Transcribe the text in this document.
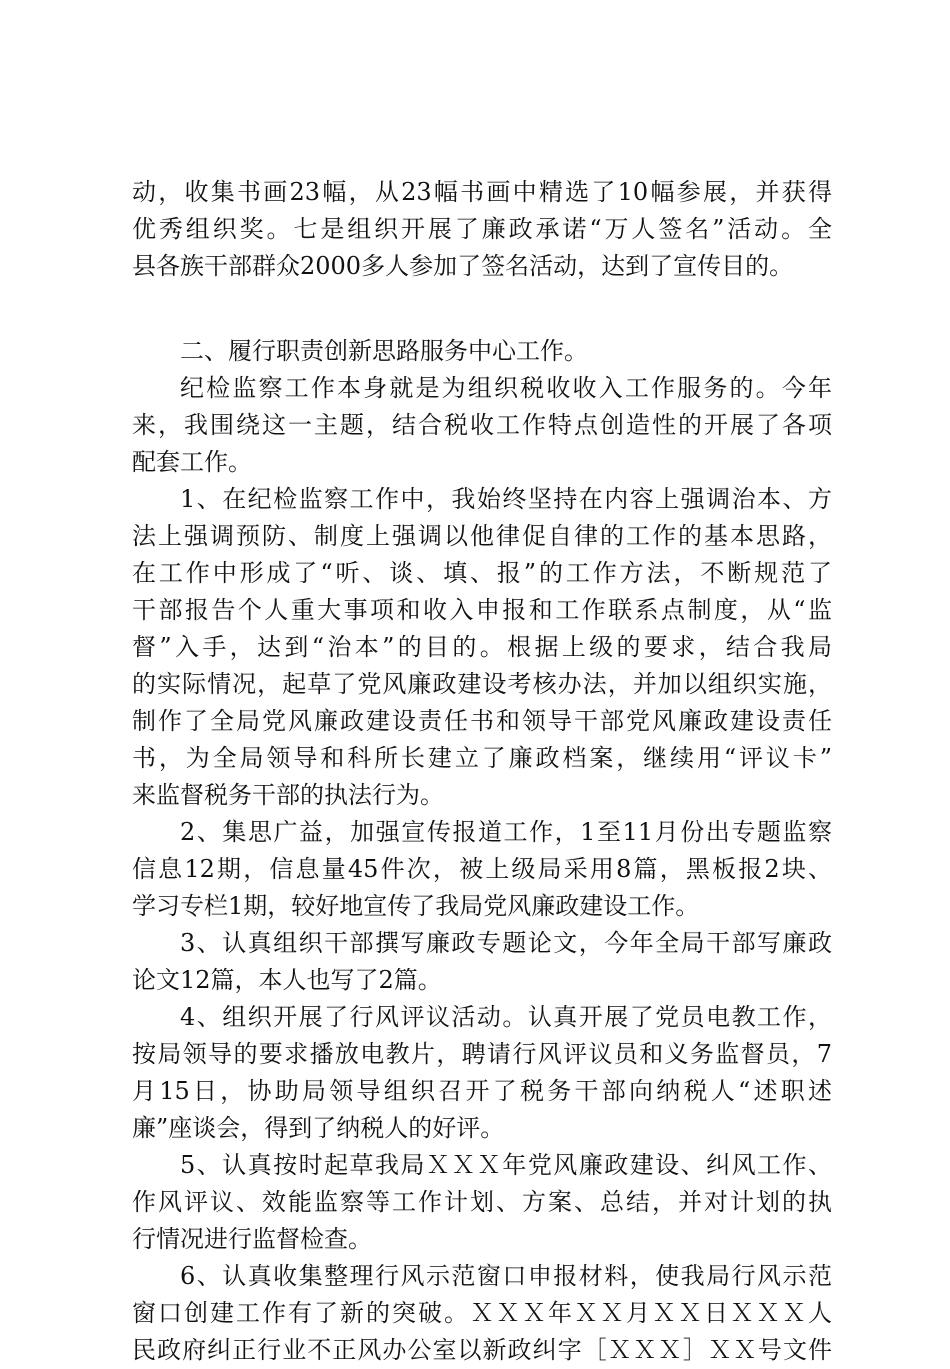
动，收集书画23幅，从23幅书画中精选了10幅参展，并获得
优秀组织奖。七是组织开展了廉政承诺“万人签名”活动。全
县各族干部群众2000多人参加了签名活动，达到了宣传目的。
二、履行职责创新思路服务中心工作。
纪检监察工作本身就是为组织税收收入工作服务的。今年
来，我围绕这一主题，结合税收工作特点创造性的开展了各项
配套工作。
1、在纪检监察工作中，我始终坚持在内容上强调治本、方
法上强调预防、制度上强调以他律促自律的工作的基本思路，
在工作中形成了“听、谈、填、报”的工作方法，不断规范了
干部报告个人重大事项和收入申报和工作联系点制度，从“监
督”入手，达到“治本”的目的。根据上级的要求，结合我局
的实际情况，起草了党风廉政建设考核办法，并加以组织实施，
制作了全局党风廉政建设责任书和领导干部党风廉政建设责任
书，为全局领导和科所长建立了廉政档案，继续用“评议卡”
来监督税务干部的执法行为。
2、集思广益，加强宣传报道工作，1至11月份出专题监察
信息12期，信息量45件次，被上级局采用8篇，黑板报2块、
学习专栏1期，较好地宣传了我局党风廉政建设工作。
3、认真组织干部撰写廉政专题论文，今年全局干部写廉政
论文12篇，本人也写了2篇。
4、组织开展了行风评议活动。认真开展了党员电教工作，
按局领导的要求播放电教片，聘请行风评议员和义务监督员，7
月15日，协助局领导组织召开了税务干部向纳税人“述职述
廉”座谈会，得到了纳税人的好评。
5、认真按时起草我局ＸＸＸ年党风廉政建设、纠风工作、
作风评议、效能监察等工作计划、方案、总结，并对计划的执
行情况进行监督检查。
6、认真收集整理行风示范窗口申报材料，使我局行风示范
窗口创建工作有了新的突破。ＸＸＸ年ＸＸ月ＸＸ日ＸＸＸ人
民政府纠正行业不正风办公室以新政纠字［ＸＸＸ］ＸＸ号文件
